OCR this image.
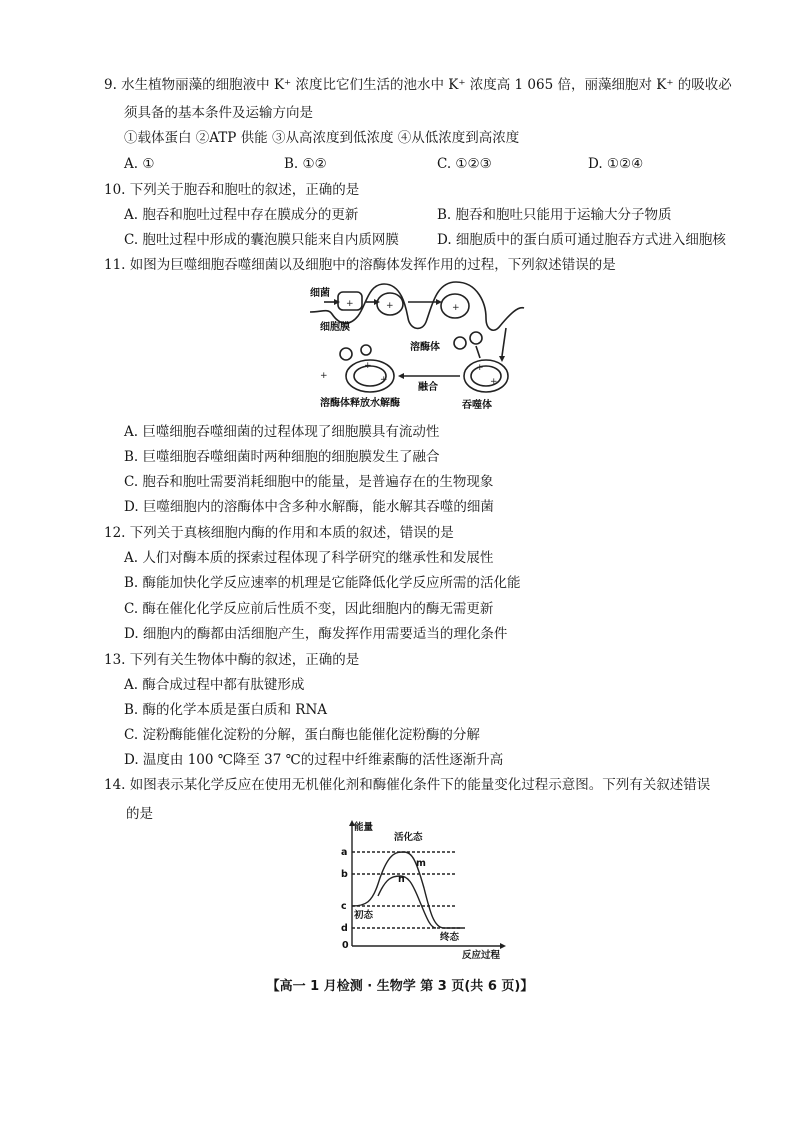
9. 水生植物丽藻的细胞液中 K⁺ 浓度比它们生活的池水中 K⁺ 浓度高 1 065 倍，丽藻细胞对 K⁺ 的吸收必
须具备的基本条件及运输方向是
①载体蛋白 ②ATP 供能 ③从高浓度到低浓度 ④从低浓度到高浓度
A. ①	B. ①②	C. ①②③	D. ①②④
10. 下列关于胞吞和胞吐的叙述，正确的是
A. 胞吞和胞吐过程中存在膜成分的更新	B. 胞吞和胞吐只能用于运输大分子物质
C. 胞吐过程中形成的囊泡膜只能来自内质网膜	D. 细胞质中的蛋白质可通过胞吞方式进入细胞核
11. 如图为巨噬细胞吞噬细菌以及细胞中的溶酶体发挥作用的过程，下列叙述错误的是
+
+
+
+
+
+	+	+
细菌
细胞膜
溶酶体
融合
溶酶体释放水解酶	吞噬体
A. 巨噬细胞吞噬细菌的过程体现了细胞膜具有流动性
B. 巨噬细胞吞噬细菌时两种细胞的细胞膜发生了融合
C. 胞吞和胞吐需要消耗细胞中的能量，是普遍存在的生物现象
D. 巨噬细胞内的溶酶体中含多种水解酶，能水解其吞噬的细菌
12. 下列关于真核细胞内酶的作用和本质的叙述，错误的是
A. 人们对酶本质的探索过程体现了科学研究的继承性和发展性
B. 酶能加快化学反应速率的机理是它能降低化学反应所需的活化能
C. 酶在催化化学反应前后性质不变，因此细胞内的酶无需更新
D. 细胞内的酶都由活细胞产生，酶发挥作用需要适当的理化条件
13. 下列有关生物体中酶的叙述，正确的是
A. 酶合成过程中都有肽键形成
B. 酶的化学本质是蛋白质和 RNA
C. 淀粉酶能催化淀粉的分解，蛋白酶也能催化淀粉酶的分解
D. 温度由 100 ℃降至 37 ℃的过程中纤维素酶的活性逐渐升高
14. 如图表示某化学反应在使用无机催化剂和酶催化条件下的能量变化过程示意图。下列有关叙述错误
的是
能量
反应过程
a
b
c
d
0
m
n
活化态
初态
终态
【高一 1 月检测 · 生物学 第 3 页(共 6 页)】
